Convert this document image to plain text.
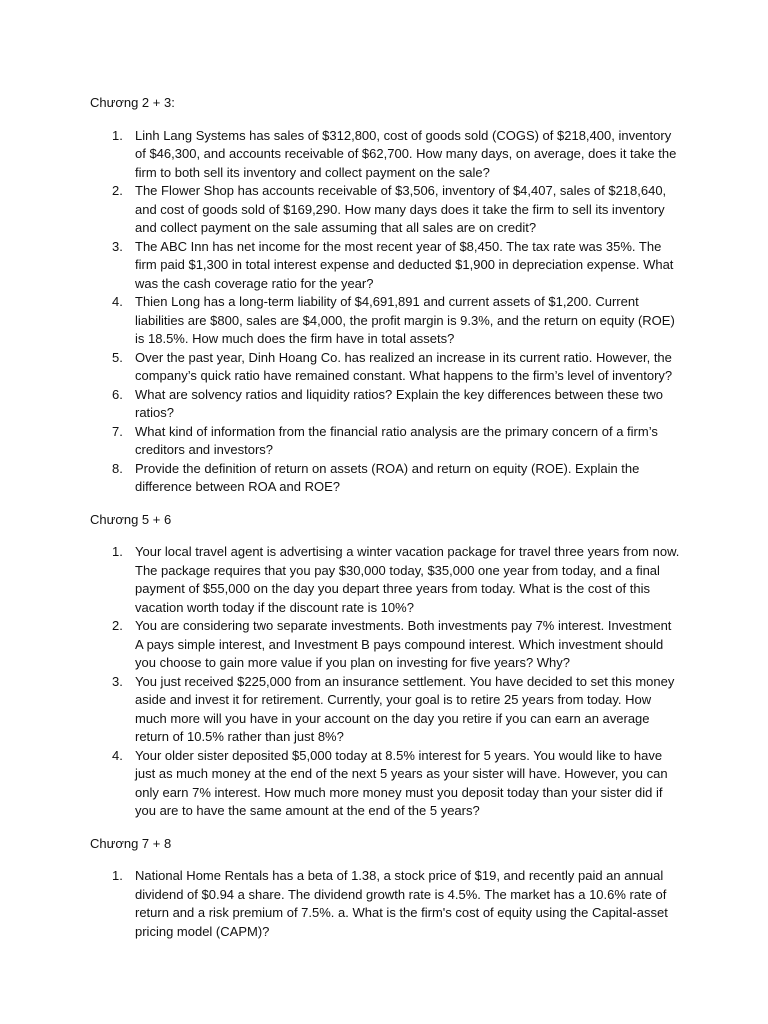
Chương 2 + 3:
1. Linh Lang Systems has sales of $312,800, cost of goods sold (COGS) of $218,400, inventory of $46,300, and accounts receivable of $62,700. How many days, on average, does it take the firm to both sell its inventory and collect payment on the sale?
2. The Flower Shop has accounts receivable of $3,506, inventory of $4,407, sales of $218,640, and cost of goods sold of $169,290. How many days does it take the firm to sell its inventory and collect payment on the sale assuming that all sales are on credit?
3. The ABC Inn has net income for the most recent year of $8,450. The tax rate was 35%. The firm paid $1,300 in total interest expense and deducted $1,900 in depreciation expense. What was the cash coverage ratio for the year?
4. Thien Long has a long-term liability of $4,691,891 and current assets of $1,200. Current liabilities are $800, sales are $4,000, the profit margin is 9.3%, and the return on equity (ROE) is 18.5%. How much does the firm have in total assets?
5. Over the past year, Dinh Hoang Co. has realized an increase in its current ratio. However, the company’s quick ratio have remained constant. What happens to the firm’s level of inventory?
6. What are solvency ratios and liquidity ratios? Explain the key differences between these two ratios?
7. What kind of information from the financial ratio analysis are the primary concern of a firm’s creditors and investors?
8. Provide the definition of return on assets (ROA) and return on equity (ROE). Explain the difference between ROA and ROE?
Chương 5 + 6
1. Your local travel agent is advertising a winter vacation package for travel three years from now. The package requires that you pay $30,000 today, $35,000 one year from today, and a final payment of $55,000 on the day you depart three years from today. What is the cost of this vacation worth today if the discount rate is 10%?
2. You are considering two separate investments. Both investments pay 7% interest. Investment A pays simple interest, and Investment B pays compound interest. Which investment should you choose to gain more value if you plan on investing for five years? Why?
3. You just received $225,000 from an insurance settlement. You have decided to set this money aside and invest it for retirement. Currently, your goal is to retire 25 years from today. How much more will you have in your account on the day you retire if you can earn an average return of 10.5% rather than just 8%?
4. Your older sister deposited $5,000 today at 8.5% interest for 5 years. You would like to have just as much money at the end of the next 5 years as your sister will have. However, you can only earn 7% interest. How much more money must you deposit today than your sister did if you are to have the same amount at the end of the 5 years?
Chương 7 + 8
1. National Home Rentals has a beta of 1.38, a stock price of $19, and recently paid an annual dividend of $0.94 a share. The dividend growth rate is 4.5%. The market has a 10.6% rate of return and a risk premium of 7.5%. a. What is the firm's cost of equity using the Capital-asset pricing model (CAPM)?
